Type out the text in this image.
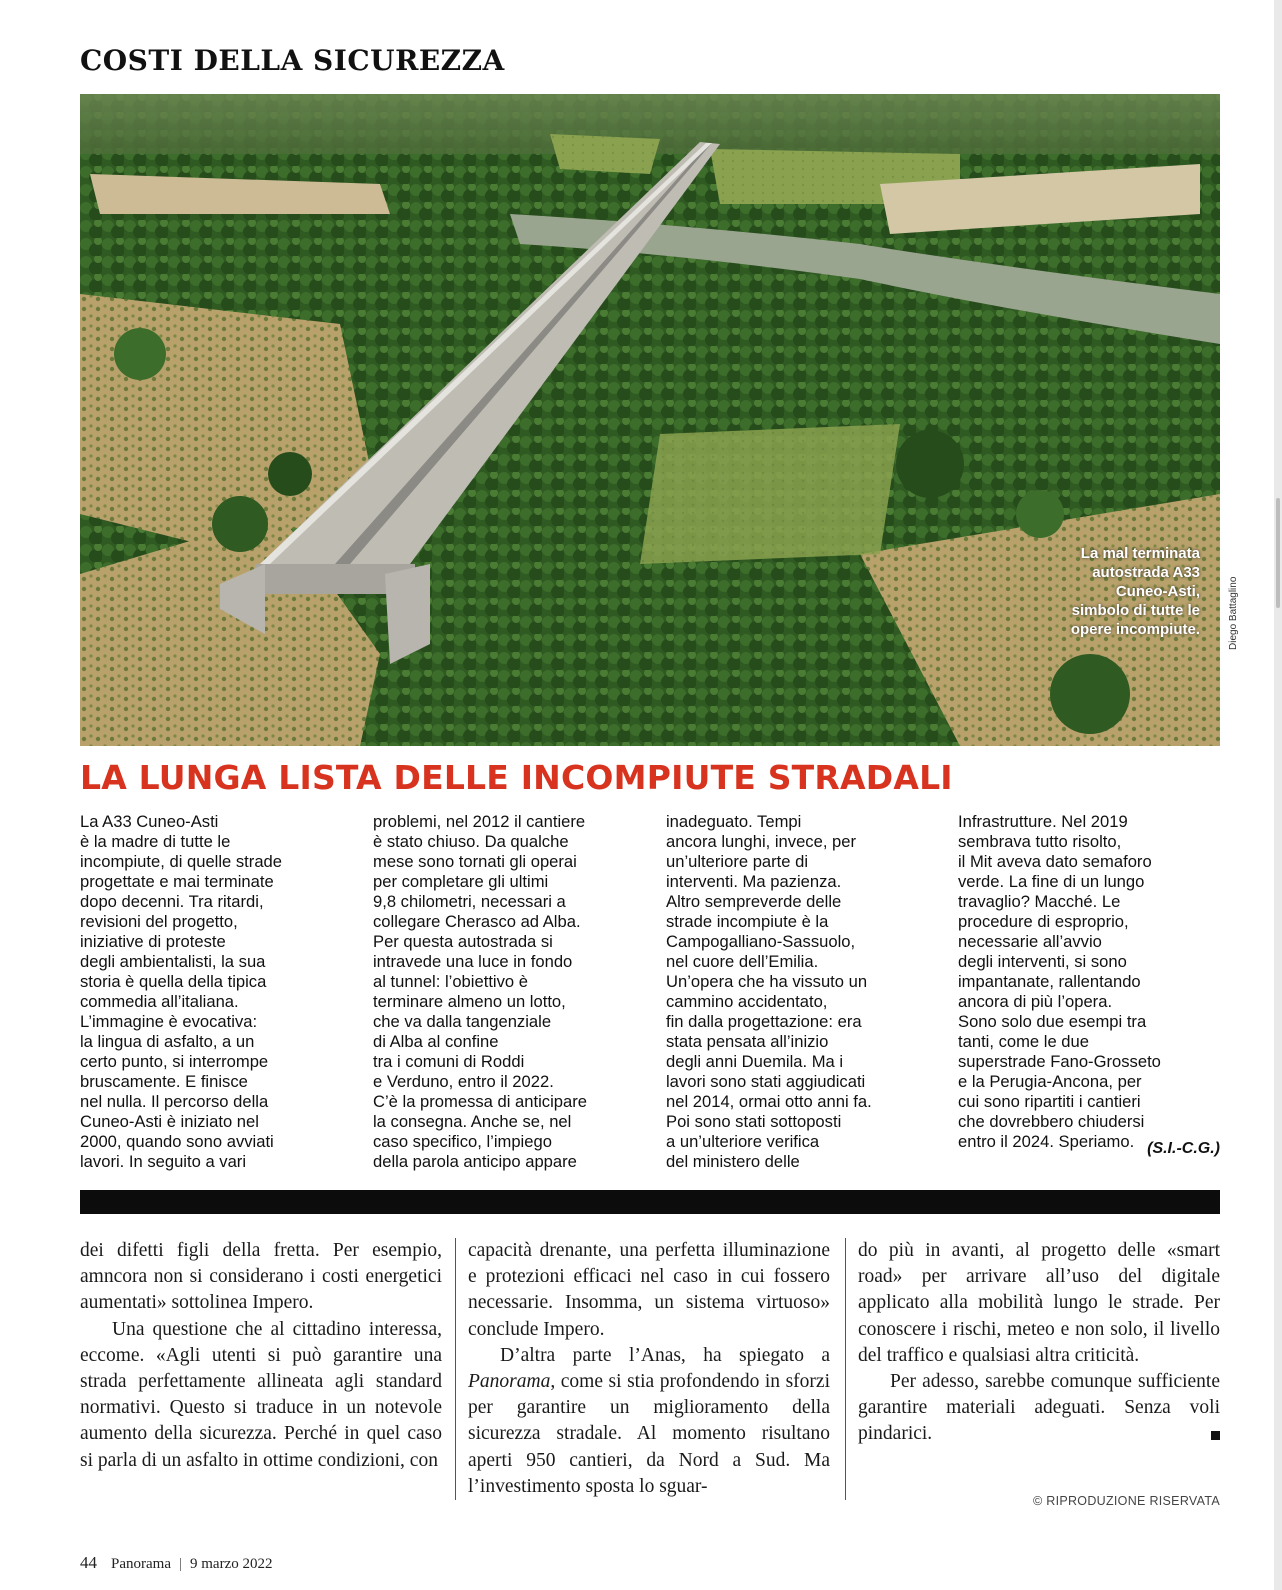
COSTI DELLA SICUREZZA
La mal terminata
autostrada A33
Cuneo-Asti,
simbolo di tutte le
opere incompiute.	Diego Battaglino
LA LUNGA LISTA DELLE INCOMPIUTE STRADALI
La A33 Cuneo-Asti
è la madre di tutte le
incompiute, di quelle strade
progettate e mai terminate
dopo decenni. Tra ritardi,
revisioni del progetto,
iniziative di proteste
degli ambientalisti, la sua
storia è quella della tipica
commedia all’italiana.
L’immagine è evocativa:
la lingua di asfalto, a un
certo punto, si interrompe
bruscamente. E finisce
nel nulla. Il percorso della
Cuneo-Asti è iniziato nel
2000, quando sono avviati
lavori. In seguito a vari
problemi, nel 2012 il cantiere
è stato chiuso. Da qualche
mese sono tornati gli operai
per completare gli ultimi
9,8 chilometri, necessari a
collegare Cherasco ad Alba.
Per questa autostrada si
intravede una luce in fondo
al tunnel: l’obiettivo è
terminare almeno un lotto,
che va dalla tangenziale
di Alba al confine
tra i comuni di Roddi
e Verduno, entro il 2022.
C’è la promessa di anticipare
la consegna. Anche se, nel
caso specifico, l’impiego
della parola anticipo appare
inadeguato. Tempi
ancora lunghi, invece, per
un’ulteriore parte di
interventi. Ma pazienza.
Altro sempreverde delle
strade incompiute è la
Campogalliano-Sassuolo,
nel cuore dell’Emilia.
Un’opera che ha vissuto un
cammino accidentato,
fin dalla progettazione: era
stata pensata all’inizio
degli anni Duemila. Ma i
lavori sono stati aggiudicati
nel 2014, ormai otto anni fa.
Poi sono stati sottoposti
a un’ulteriore verifica
del ministero delle
Infrastrutture. Nel 2019
sembrava tutto risolto,
il Mit aveva dato semaforo
verde. La fine di un lungo
travaglio? Macché. Le
procedure di esproprio,
necessarie all’avvio
degli interventi, si sono
impantanate, rallentando
ancora di più l’opera.
Sono solo due esempi tra
tanti, come le due
superstrade Fano-Grosseto
e la Perugia-Ancona, per
cui sono ripartiti i cantieri
che dovrebbero chiudersi
entro il 2024. Speriamo. (S.I.-C.G.)

dei difetti figli della fretta. Per esempio, amncora non si considerano i costi energetici aumentati» sottolinea Impero.

Una questione che al cittadino interessa, eccome. «Agli utenti si può garantire una strada perfettamente allineata agli standard normativi. Questo si traduce in un notevole aumento della sicurezza. Perché in quel caso si parla di un asfalto in ottime condizioni, con

capacità drenante, una perfetta illuminazione e protezioni efficaci nel caso in cui fossero necessarie. Insomma, un sistema virtuoso» conclude Impero.

D’altra parte l’Anas, ha spiegato a Panorama, come si stia profondendo in sforzi per garantire un miglioramento della sicurezza stradale. Al momento risultano aperti 950 cantieri, da Nord a Sud. Ma l’investimento sposta lo sguar-

do più in avanti, al progetto delle «smart road» per arrivare all’uso del digitale applicato alla mobilità lungo le strade. Per conoscere i rischi, meteo e non solo, il livello del traffico e qualsiasi altra criticità.

Per adesso, sarebbe comunque sufficiente garantire materiali adeguati. Senza voli pindarici.

© RIPRODUZIONE RISERVATA
44 Panorama | 9 marzo 2022
